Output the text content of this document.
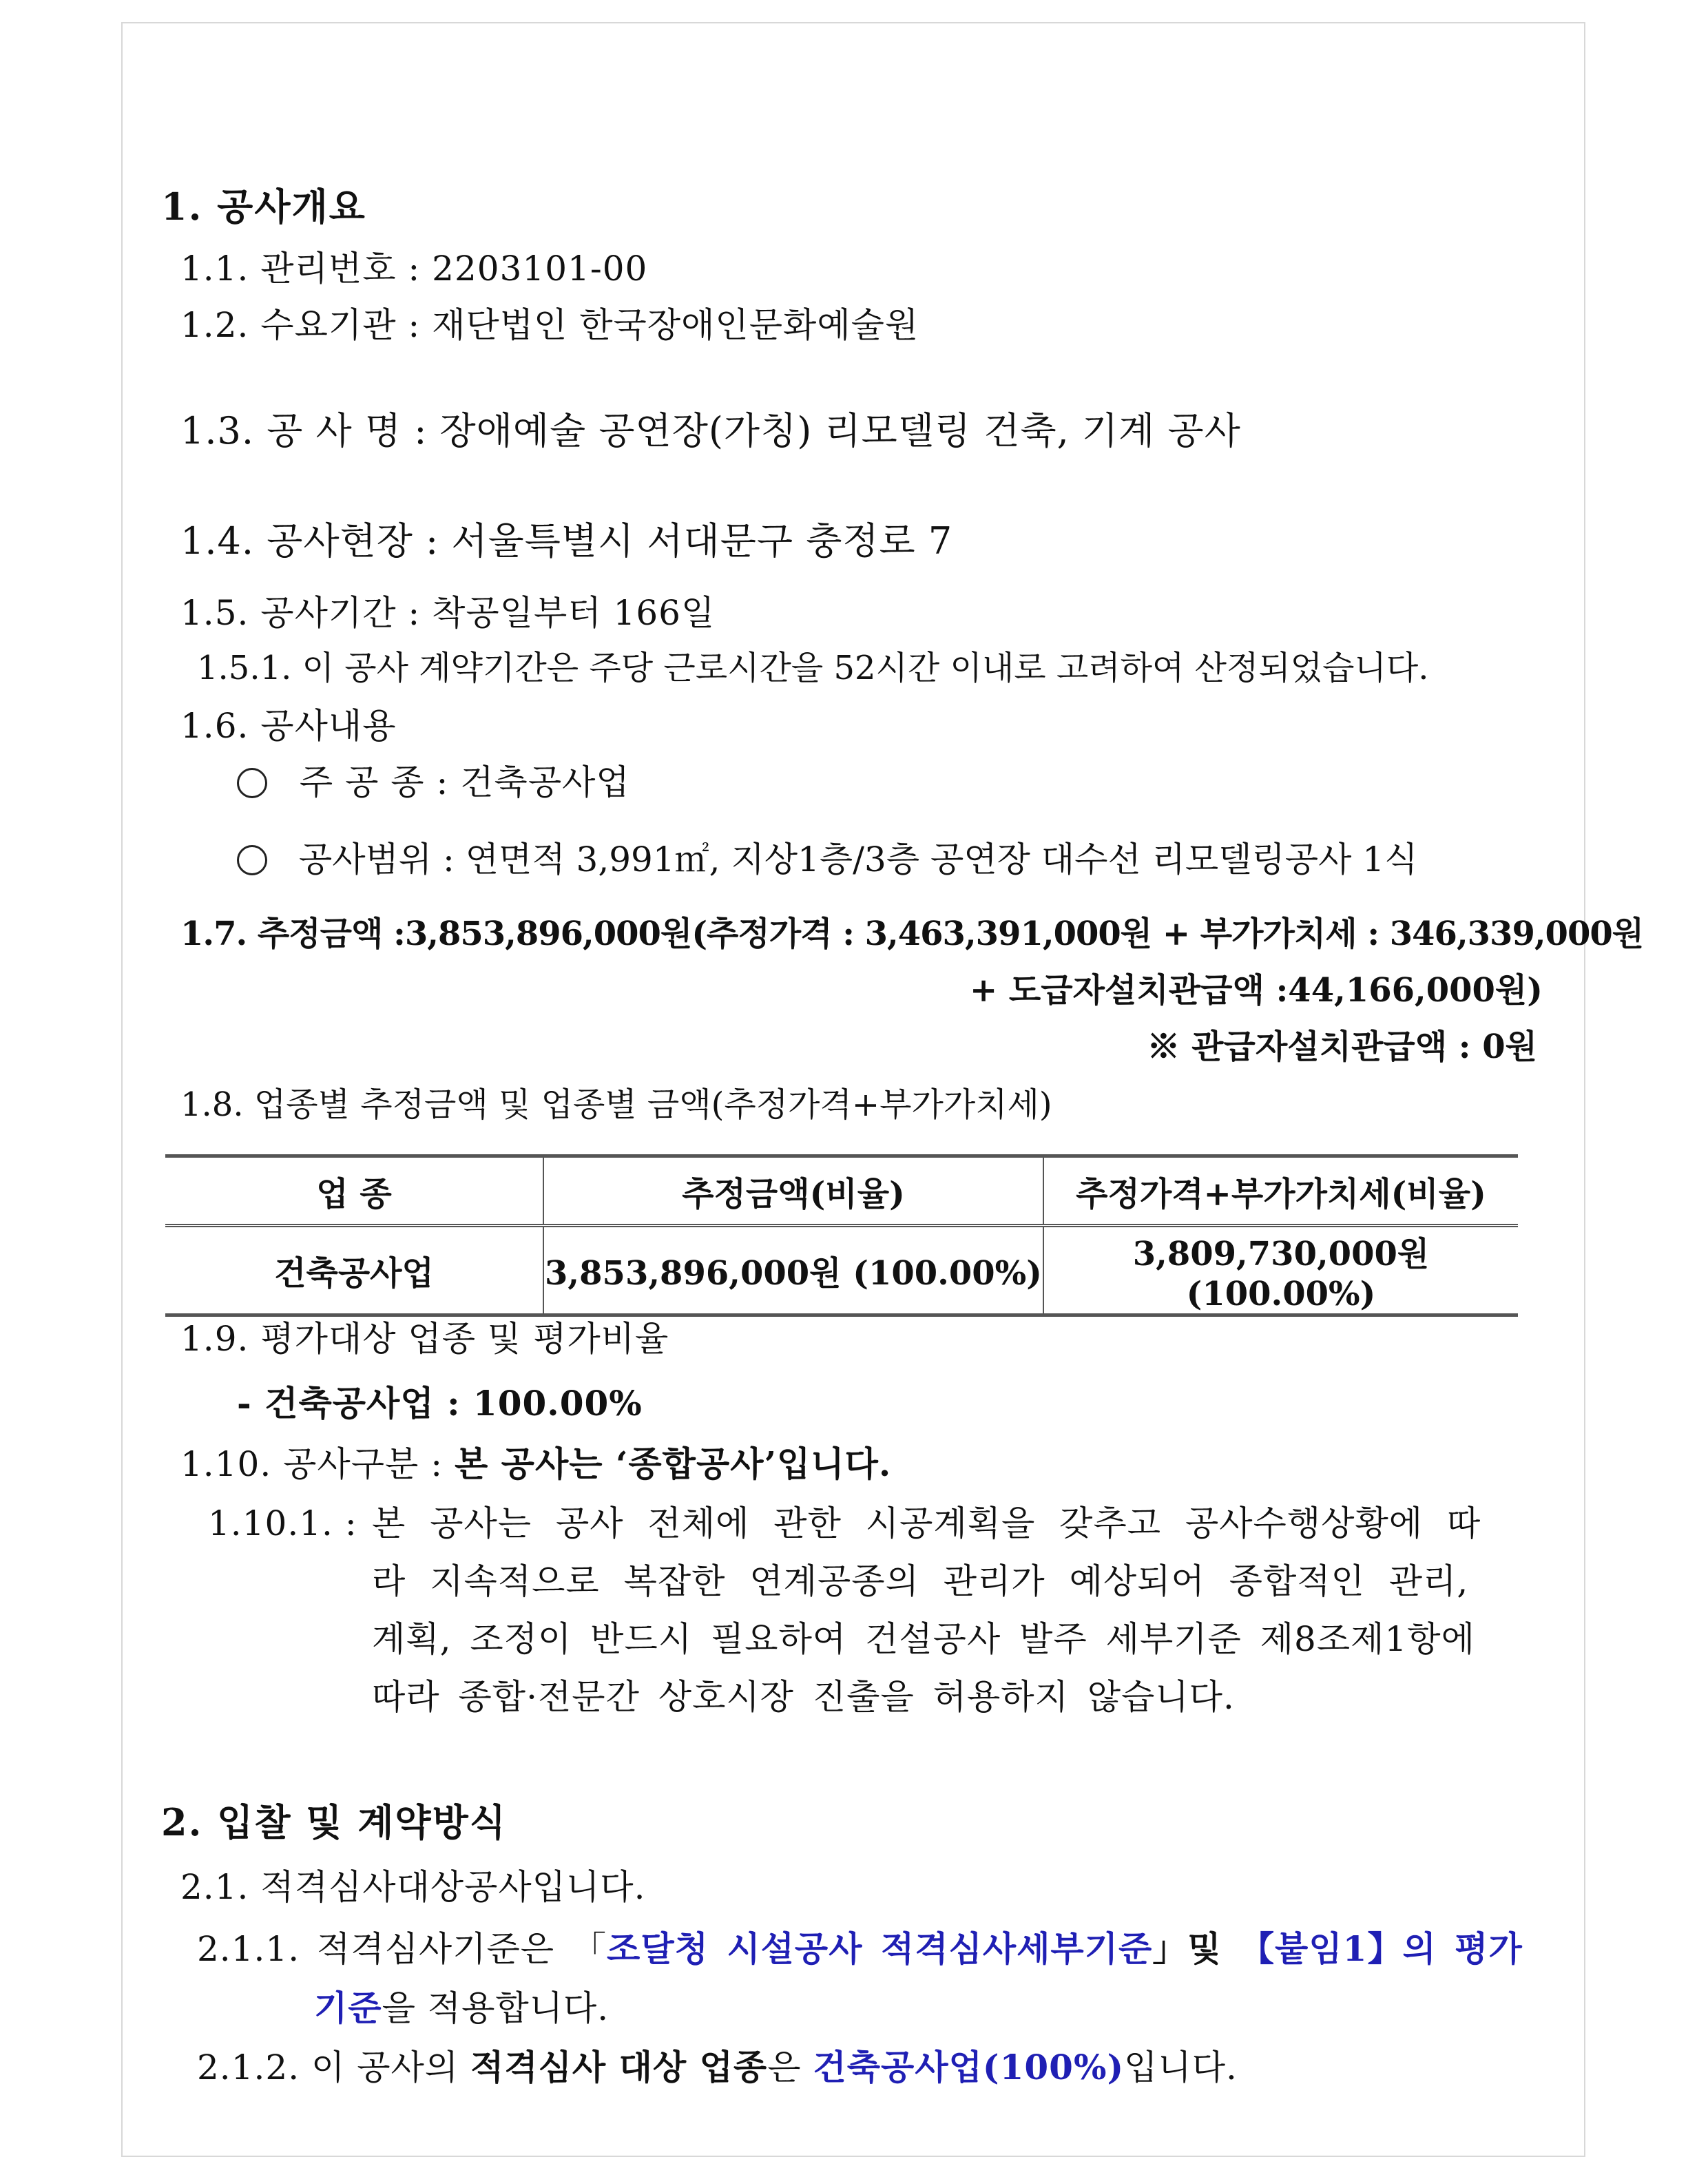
1. 공사개요
1.1. 관리번호 : 2203101-00
1.2. 수요기관 : 재단법인 한국장애인문화예술원
1.3. 공 사 명 : 장애예술 공연장(가칭) 리모델링 건축, 기계 공사
1.4. 공사현장 : 서울특별시 서대문구 충정로 7
1.5. 공사기간 : 착공일부터 166일
1.5.1. 이 공사 계약기간은 주당 근로시간을 52시간 이내로 고려하여 산정되었습니다.
1.6. 공사내용
주 공 종 : 건축공사업
공사범위 : 연면적 3,991㎡, 지상1층/3층 공연장 대수선 리모델링공사 1식
1.7. 추정금액 :3,853,896,000원(추정가격 : 3,463,391,000원 + 부가가치세 : 346,339,000원
+ 도급자설치관급액 :44,166,000원)
※ 관급자설치관급액 : 0원
1.8. 업종별 추정금액 및 업종별 금액(추정가격+부가가치세)
업 종	추정금액(비율)	추정가격+부가가치세(비율)
건축공사업	3,853,896,000원 (100.00%)	3,809,730,000원 (100.00%)
1.9. 평가대상 업종 및 평가비율
- 건축공사업 : 100.00%
1.10. 공사구분 : 본 공사는 ‘종합공사’입니다.
1.10.1. : 본 공사는 공사 전체에 관한 시공계획을 갖추고 공사수행상황에 따
라 지속적으로 복잡한 연계공종의 관리가 예상되어 종합적인 관리,
계획, 조정이 반드시 필요하여 건설공사 발주 세부기준 제8조제1항에
따라 종합·전문간 상호시장 진출을 허용하지 않습니다.
2. 입찰 및 계약방식
2.1. 적격심사대상공사입니다.
2.1.1. 적격심사기준은 「조달청 시설공사 적격심사세부기준」및 【붙임1】의 평가
기준을 적용합니다.
2.1.2. 이 공사의 적격심사 대상 업종은 건축공사업(100%)입니다.
